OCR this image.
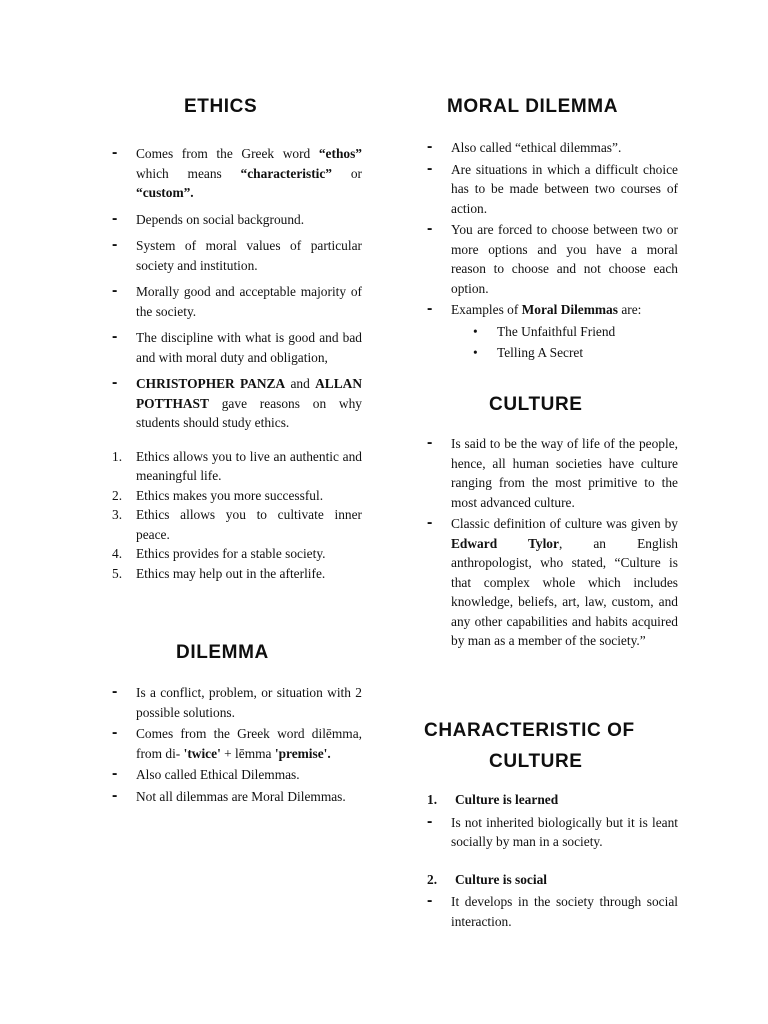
ETHICS
- Comes from the Greek word “ethos” which means “characteristic” or “custom”.
- Depends on social background.
- System of moral values of particular society and institution.
- Morally good and acceptable majority of the society.
- The discipline with what is good and bad and with moral duty and obligation,
- CHRISTOPHER PANZA and ALLAN POTTHAST gave reasons on why students should study ethics.
1. Ethics allows you to live an authentic and meaningful life.
2. Ethics makes you more successful.
3. Ethics allows you to cultivate inner peace.
4. Ethics provides for a stable society.
5. Ethics may help out in the afterlife.
DILEMMA
- Is a conflict, problem, or situation with 2 possible solutions.
- Comes from the Greek word dilēmma, from di- 'twice' + lēmma 'premise'.
- Also called Ethical Dilemmas.
- Not all dilemmas are Moral Dilemmas.
MORAL DILEMMA
- Also called “ethical dilemmas”.
- Are situations in which a difficult choice has to be made between two courses of action.
- You are forced to choose between two or more options and you have a moral reason to choose and not choose each option.
- Examples of Moral Dilemmas are:
• The Unfaithful Friend
• Telling A Secret
CULTURE
- Is said to be the way of life of the people, hence, all human societies have culture ranging from the most primitive to the most advanced culture.
- Classic definition of culture was given by Edward Tylor, an English anthropologist, who stated, “Culture is that complex whole which includes knowledge, beliefs, art, law, custom, and any other capabilities and habits acquired by man as a member of the society.”
CHARACTERISTIC OF
CULTURE
1. Culture is learned
- Is not inherited biologically but it is leant socially by man in a society.
2. Culture is social
- It develops in the society through social interaction.
